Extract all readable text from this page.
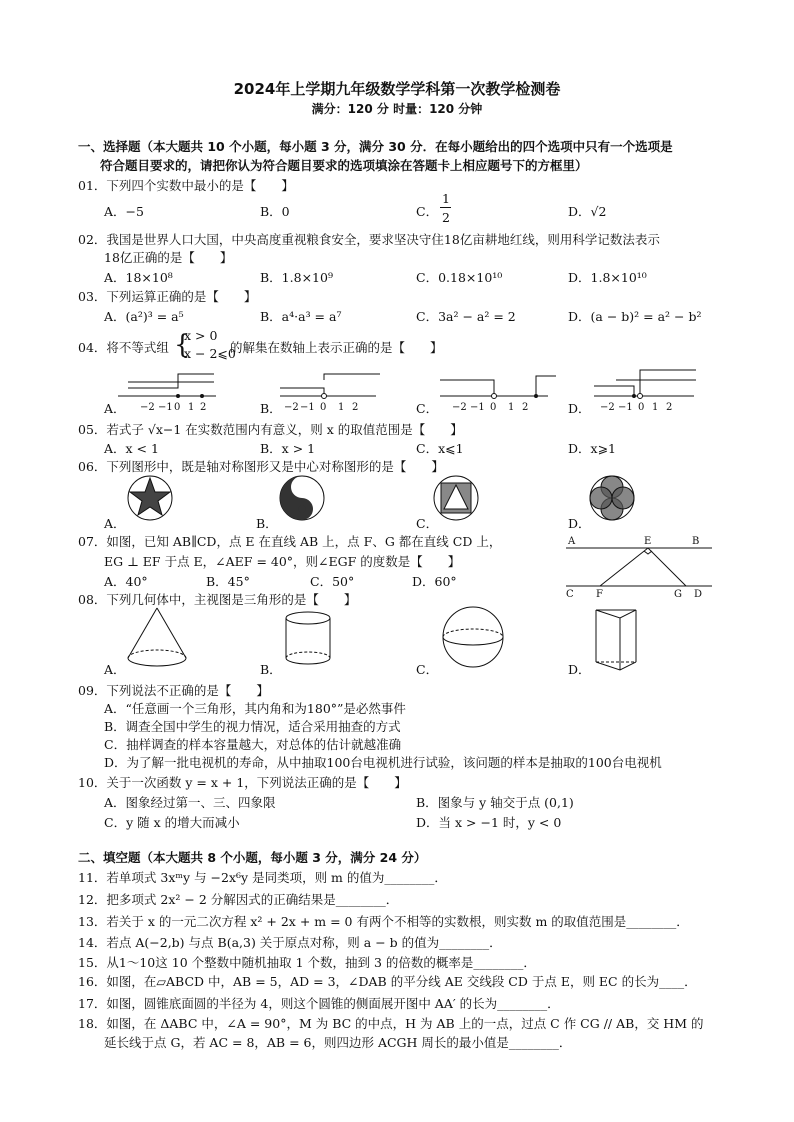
2024年上学期九年级数学学科第一次教学检测卷
满分：120 分 时量：120 分钟
一、选择题（本大题共 10 个小题，每小题 3 分，满分 30 分．在每小题给出的四个选项中只有一个选项是
符合题目要求的，请把你认为符合题目要求的选项填涂在答题卡上相应题号下的方框里）
01．下列四个实数中最小的是【　　】
A．−5	B．0	C．
1
2	D．√2
02．我国是世界人口大国，中央高度重视粮食安全，要求坚决守住18亿亩耕地红线，则用科学记数法表示
18亿正确的是【　　】
A．18×10⁸	B．1.8×10⁹	C．0.18×10¹⁰	D．1.8×10¹⁰
03．下列运算正确的是【　　】
A．(a²)³ = a⁵	B．a⁴·a³ = a⁷	C．3a² − a² = 2	D．(a − b)² = a² − b²
04．将不等式组 {
x > 0
x − 2⩽0
的解集在数轴上表示正确的是【　　】
A． −2 −1 0 1 2	B． −2 −1 0 1 2	C． −2 −1 0 1 2	D． −2 −1 0 1 2
05．若式子 √x−1 在实数范围内有意义，则 x 的取值范围是【　　】
A．x < 1	B．x > 1	C．x⩽1	D．x⩾1
06．下列图形中，既是轴对称图形又是中心对称图形的是【　　】
A．	B．	C．	D．
07．如图，已知 AB∥CD，点 E 在直线 AB 上，点 F、G 都在直线 CD 上，
EG ⊥ EF 于点 E，∠AEF = 40°，则∠EGF 的度数是【　　】
A．40°	B．45°	C．50°	D．60°
A	E	B
C F	G D
08．下列几何体中，主视图是三角形的是【　　】
A．	B．	C．	D．
09．下列说法不正确的是【　　】
A．“任意画一个三角形，其内角和为180°”是必然事件
B．调查全国中学生的视力情况，适合采用抽查的方式
C．抽样调查的样本容量越大，对总体的估计就越准确
D．为了解一批电视机的寿命，从中抽取100台电视机进行试验，该问题的样本是抽取的100台电视机
10．关于一次函数 y = x + 1，下列说法正确的是【　　】
A．图象经过第一、三、四象限	B．图象与 y 轴交于点 (0,1)
C．y 随 x 的增大而减小	D．当 x > −1 时，y < 0
二、填空题（本大题共 8 个小题，每小题 3 分，满分 24 分）
11．若单项式 3xᵐy 与 −2x⁶y 是同类项，则 m 的值为________．
12．把多项式 2x² − 2 分解因式的正确结果是________．
13．若关于 x 的一元二次方程 x² + 2x + m = 0 有两个不相等的实数根，则实数 m 的取值范围是________．
14．若点 A(−2,b) 与点 B(a,3) 关于原点对称，则 a − b 的值为________．
15．从1～10这 10 个整数中随机抽取 1 个数，抽到 3 的倍数的概率是________．
16．如图，在▱ABCD 中，AB = 5，AD = 3，∠DAB 的平分线 AE 交线段 CD 于点 E，则 EC 的长为____．
17．如图，圆锥底面圆的半径为 4，则这个圆锥的侧面展开图中 AA′ 的长为________．
18．如图，在 ΔABC 中，∠A = 90°，M 为 BC 的中点，H 为 AB 上的一点，过点 C 作 CG // AB，交 HM 的
延长线于点 G，若 AC = 8，AB = 6，则四边形 ACGH 周长的最小值是________．
